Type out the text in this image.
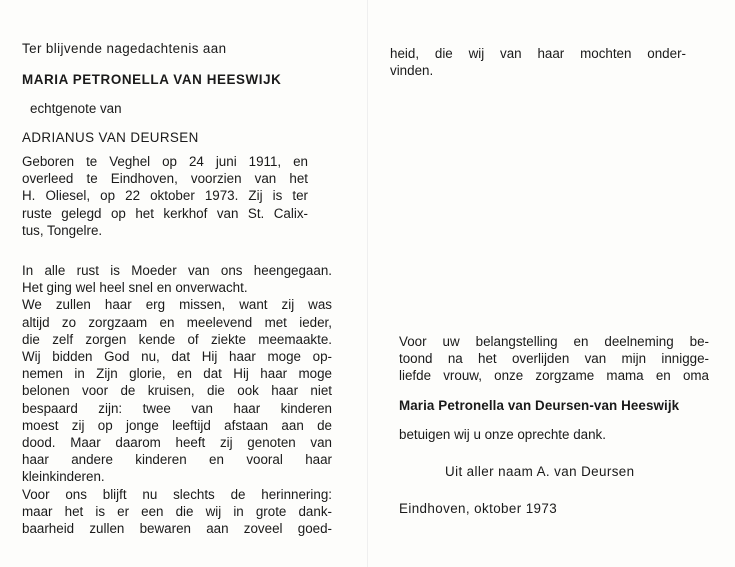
Ter blijvende nagedachtenis aan
MARIA PETRONELLA VAN HEESWIJK
echtgenote van
ADRIANUS VAN DEURSEN
Geboren te Veghel op 24 juni 1911, en
overleed te Eindhoven, voorzien van het
H. Oliesel, op 22 oktober 1973. Zij is ter
ruste gelegd op het kerkhof van St. Calix-
tus, Tongelre.
In alle rust is Moeder van ons heengegaan.
Het ging wel heel snel en onverwacht.
We zullen haar erg missen, want zij was
altijd zo zorgzaam en meelevend met ieder,
die zelf zorgen kende of ziekte meemaakte.
Wij bidden God nu, dat Hij haar moge op-
nemen in Zijn glorie, en dat Hij haar moge
belonen voor de kruisen, die ook haar niet
bespaard zijn: twee van haar kinderen
moest zij op jonge leeftijd afstaan aan de
dood. Maar daarom heeft zij genoten van
haar andere kinderen en vooral haar
kleinkinderen.
Voor ons blijft nu slechts de herinnering:
maar het is er een die wij in grote dank-
baarheid zullen bewaren aan zoveel goed-
heid, die wij van haar mochten onder-
vinden.
Voor uw belangstelling en deelneming be-
toond na het overlijden van mijn innigge-
liefde vrouw, onze zorgzame mama en oma
Maria Petronella van Deursen-van Heeswijk
betuigen wij u onze oprechte dank.
Uit aller naam A. van Deursen
Eindhoven, oktober 1973
